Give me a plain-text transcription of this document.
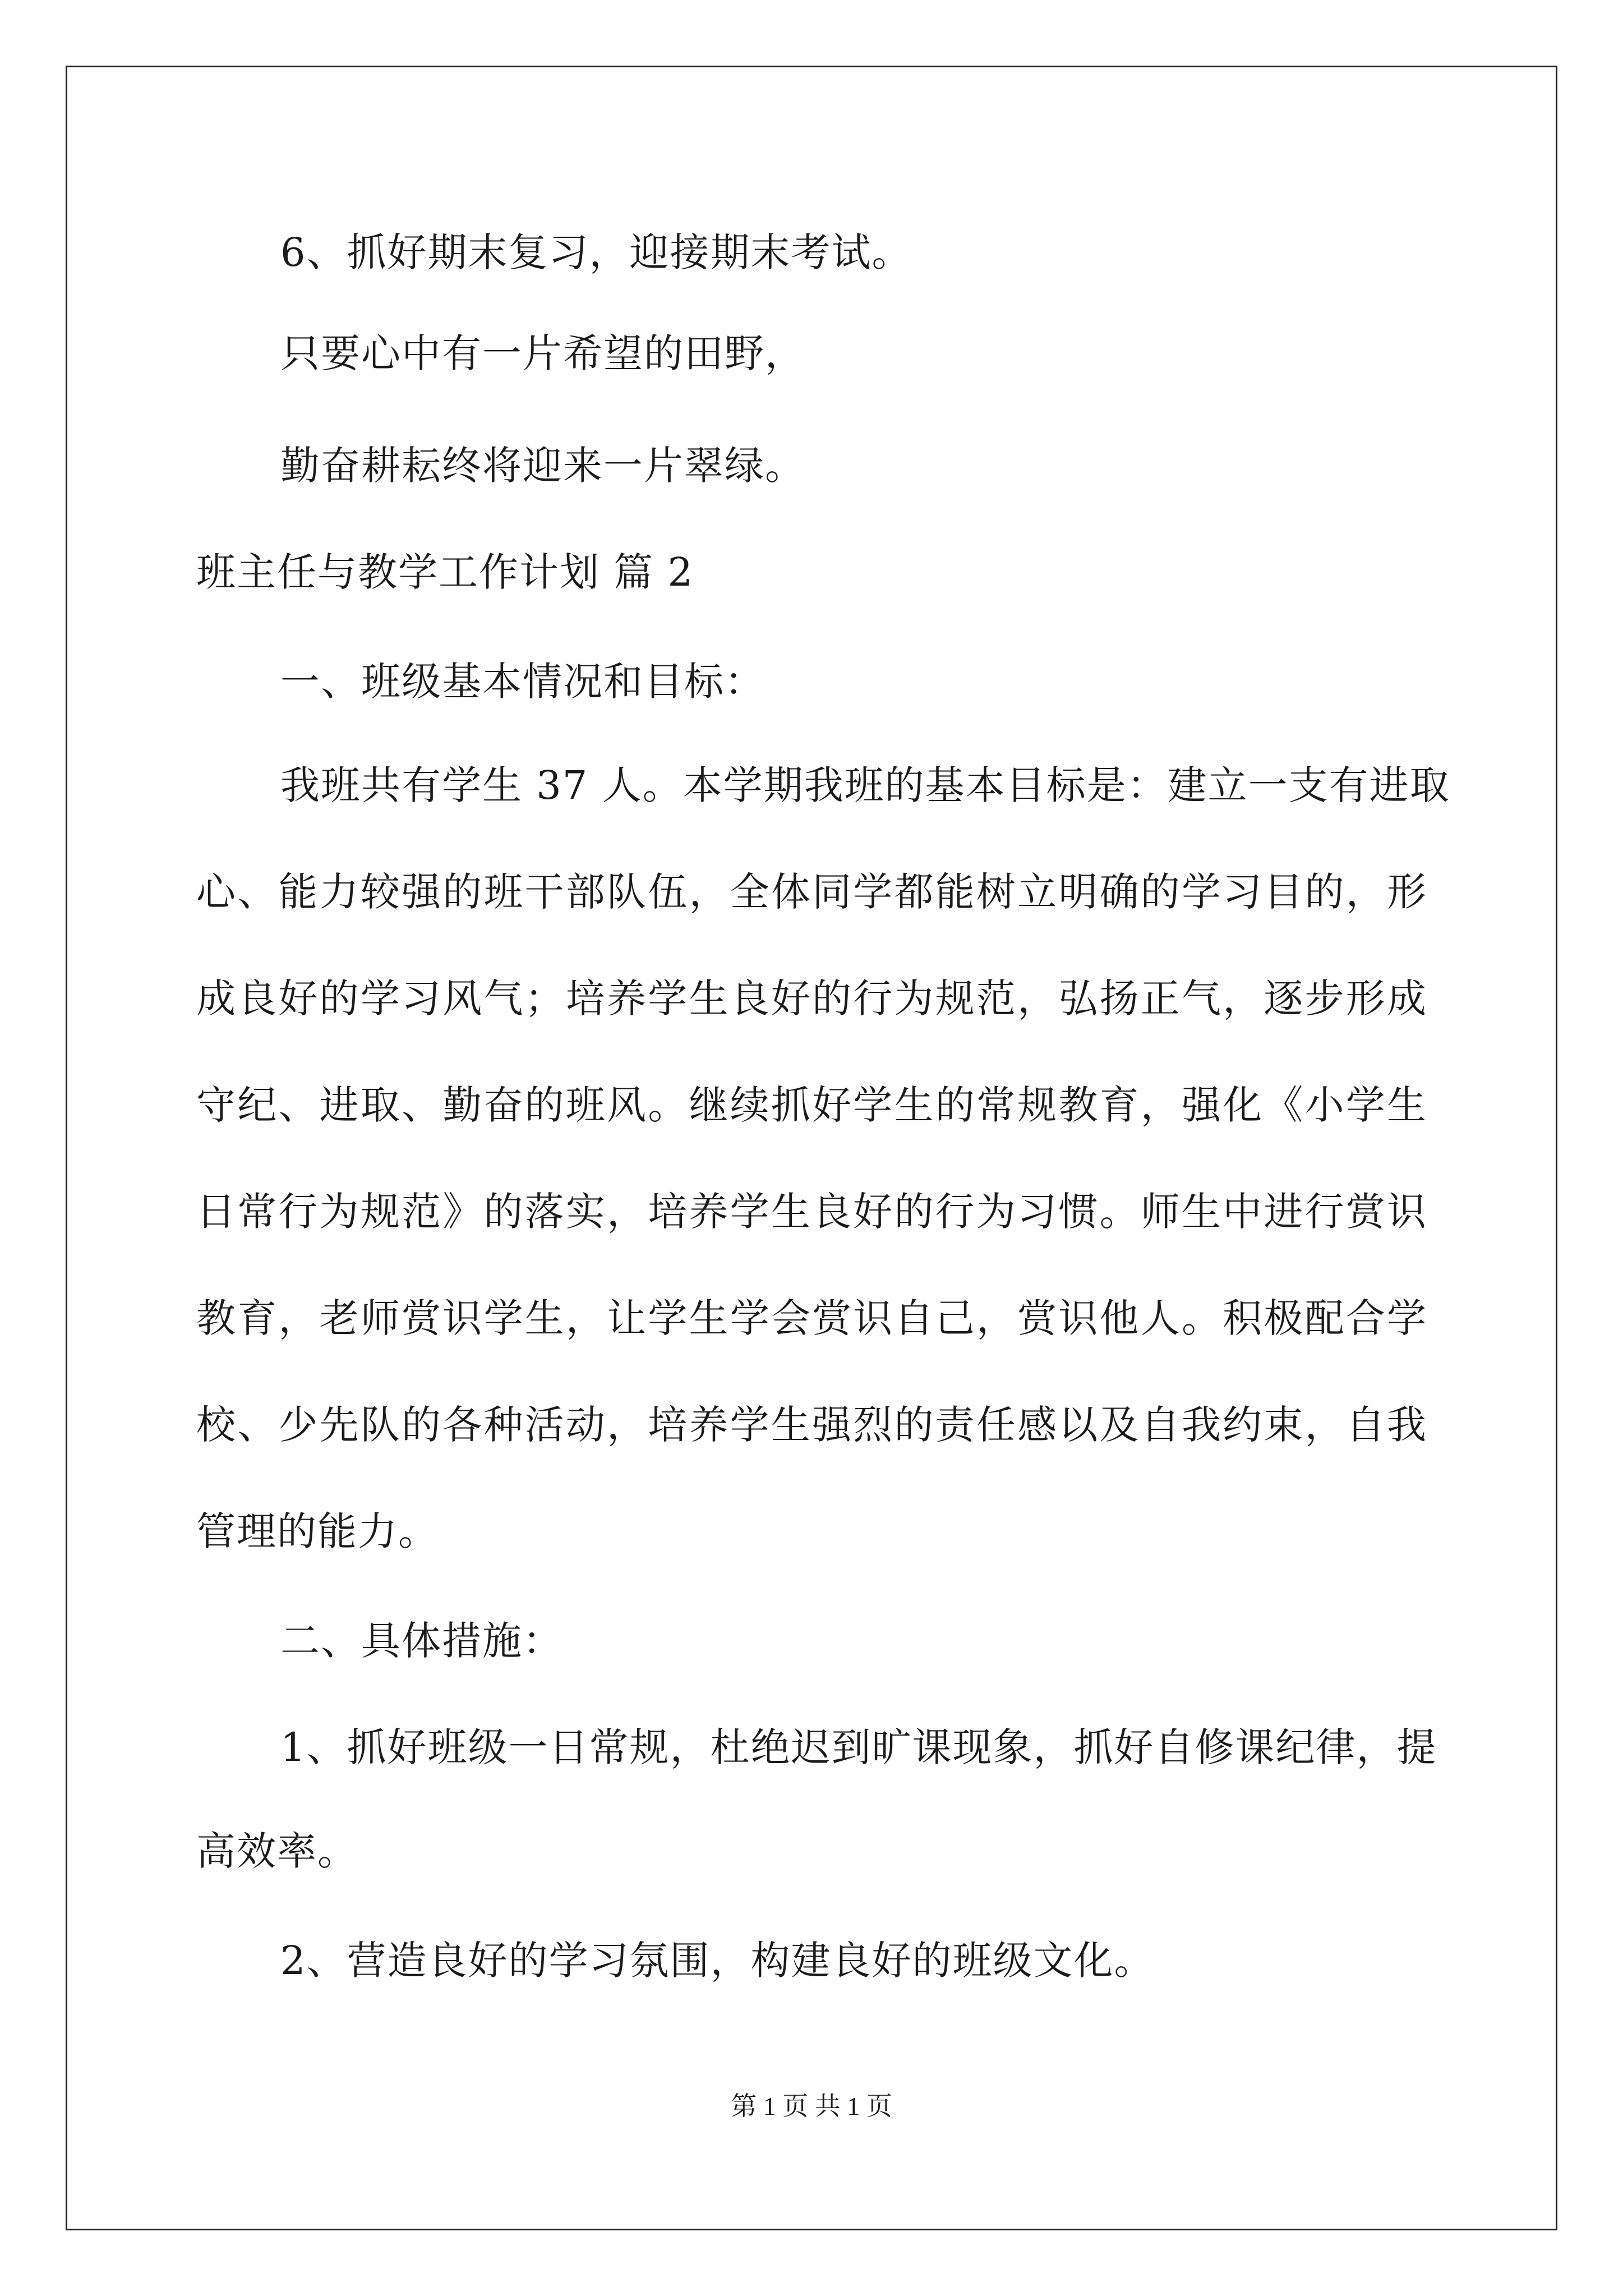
6、抓好期末复习，迎接期末考试。
只要心中有一片希望的田野，
勤奋耕耘终将迎来一片翠绿。
班主任与教学工作计划 篇 2
一、班级基本情况和目标：
我班共有学生 37 人。本学期我班的基本目标是：建立一支有进取
心、能力较强的班干部队伍，全体同学都能树立明确的学习目的，形
成良好的学习风气；培养学生良好的行为规范，弘扬正气，逐步形成
守纪、进取、勤奋的班风。继续抓好学生的常规教育，强化《小学生
日常行为规范》的落实，培养学生良好的行为习惯。师生中进行赏识
教育，老师赏识学生，让学生学会赏识自己，赏识他人。积极配合学
校、少先队的各种活动，培养学生强烈的责任感以及自我约束，自我
管理的能力。
二、具体措施：
1、抓好班级一日常规，杜绝迟到旷课现象，抓好自修课纪律，提
高效率。
2、营造良好的学习氛围，构建良好的班级文化。
第 1 页 共 1 页
